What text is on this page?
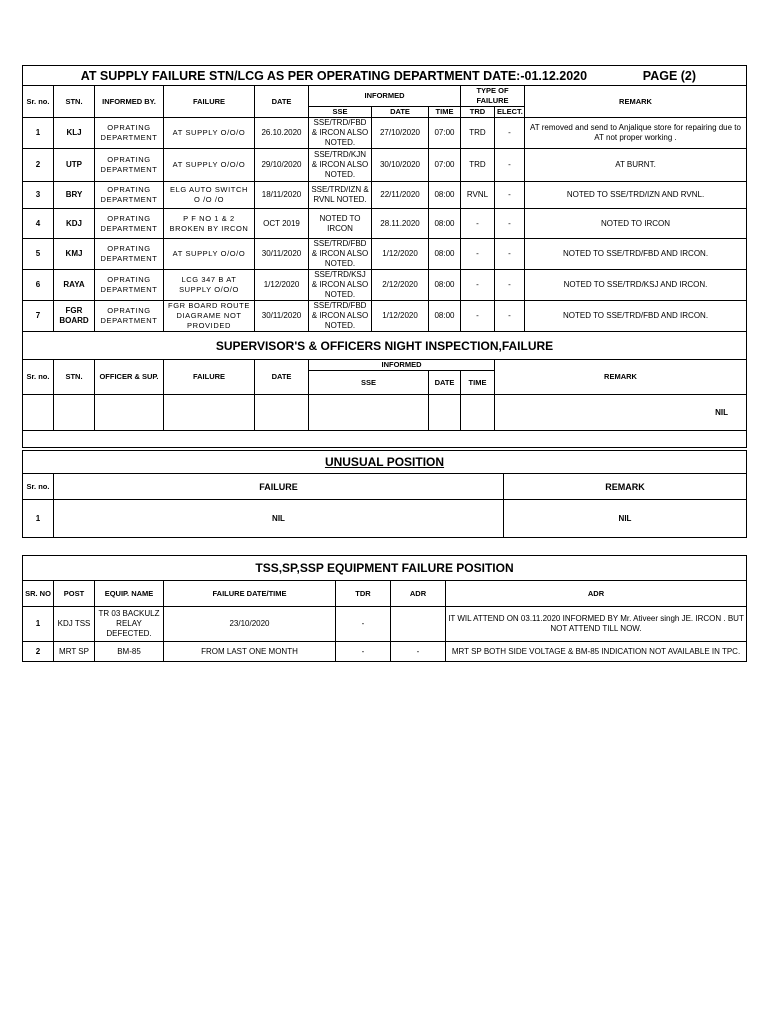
AT SUPPLY FAILURE STN/LCG AS PER OPERATING DEPARTMENT DATE:-01.12.2020 PAGE (2)										

Sr. no.	STN.	INFORMED BY.	FAILURE	DATE	INFORMED			TYPE OF FAILURE		REMARK
					SSE	DATE	TIME	TRD	ELECT.	
1	KLJ	OPRATING DEPARTMENT	AT SUPPLY O/O/O	26.10.2020	SSE/TRD/FBD & IRCON ALSO NOTED.	27/10/2020	07:00	TRD	-	AT removed and send to Anjalique store for repairing due to AT not proper working .
2	UTP	OPRATING DEPARTMENT	AT SUPPLY O/O/O	29/10/2020	SSE/TRD/KJN & IRCON ALSO NOTED.	30/10/2020	07:00	TRD	-	AT BURNT.
3	BRY	OPRATING DEPARTMENT	ELG AUTO SWITCH O /O /O	18/11/2020	SSE/TRD/IZN & RVNL NOTED.	22/11/2020	08:00	RVNL	-	NOTED TO SSE/TRD/IZN AND RVNL.
4	KDJ	OPRATING DEPARTMENT	P F NO 1 & 2 BROKEN BY IRCON	OCT 2019	NOTED TO IRCON	28.11.2020	08:00	-	-	NOTED TO IRCON
5	KMJ	OPRATING DEPARTMENT	AT SUPPLY O/O/O	30/11/2020	SSE/TRD/FBD & IRCON ALSO NOTED.	1/12/2020	08:00	-	-	NOTED TO SSE/TRD/FBD AND IRCON.
6	RAYA	OPRATING DEPARTMENT	LCG 347 B AT SUPPLY O/O/O	1/12/2020	SSE/TRD/KSJ & IRCON ALSO NOTED.	2/12/2020	08:00	-	-	NOTED TO SSE/TRD/KSJ AND IRCON.
7	FGR BOARD	OPRATING DEPARTMENT	FGR BOARD ROUTE DIAGRAME NOT PROVIDED	30/11/2020	SSE/TRD/FBD & IRCON ALSO NOTED.	1/12/2020	08:00	-	-	NOTED TO SSE/TRD/FBD AND IRCON.
SUPERVISOR'S & OFFICERS NIGHT INSPECTION,FAILURE										
Sr. no.	STN.	OFFICER & SUP.	FAILURE	DATE	INFORMED				REMARK	
					SSE		DATE	TIME		
									NIL	

UNUSUAL POSITION		
Sr. no.	FAILURE	REMARK
1	NIL	NIL
TSS,SP,SSP EQUIPMENT FAILURE POSITION						
SR. NO	POST	EQUIP. NAME	FAILURE DATE/TIME	TDR	ADR	ADR
1	KDJ TSS	TR 03 BACKULZ RELAY DEFECTED.	23/10/2020	-		IT WIL ATTEND ON 03.11.2020 INFORMED BY Mr. Ativeer singh JE. IRCON . BUT NOT ATTEND TILL NOW.
2	MRT SP	BM-85	FROM LAST ONE MONTH	-	-	MRT SP BOTH SIDE VOLTAGE & BM-85 INDICATION NOT AVAILABLE IN TPC.
